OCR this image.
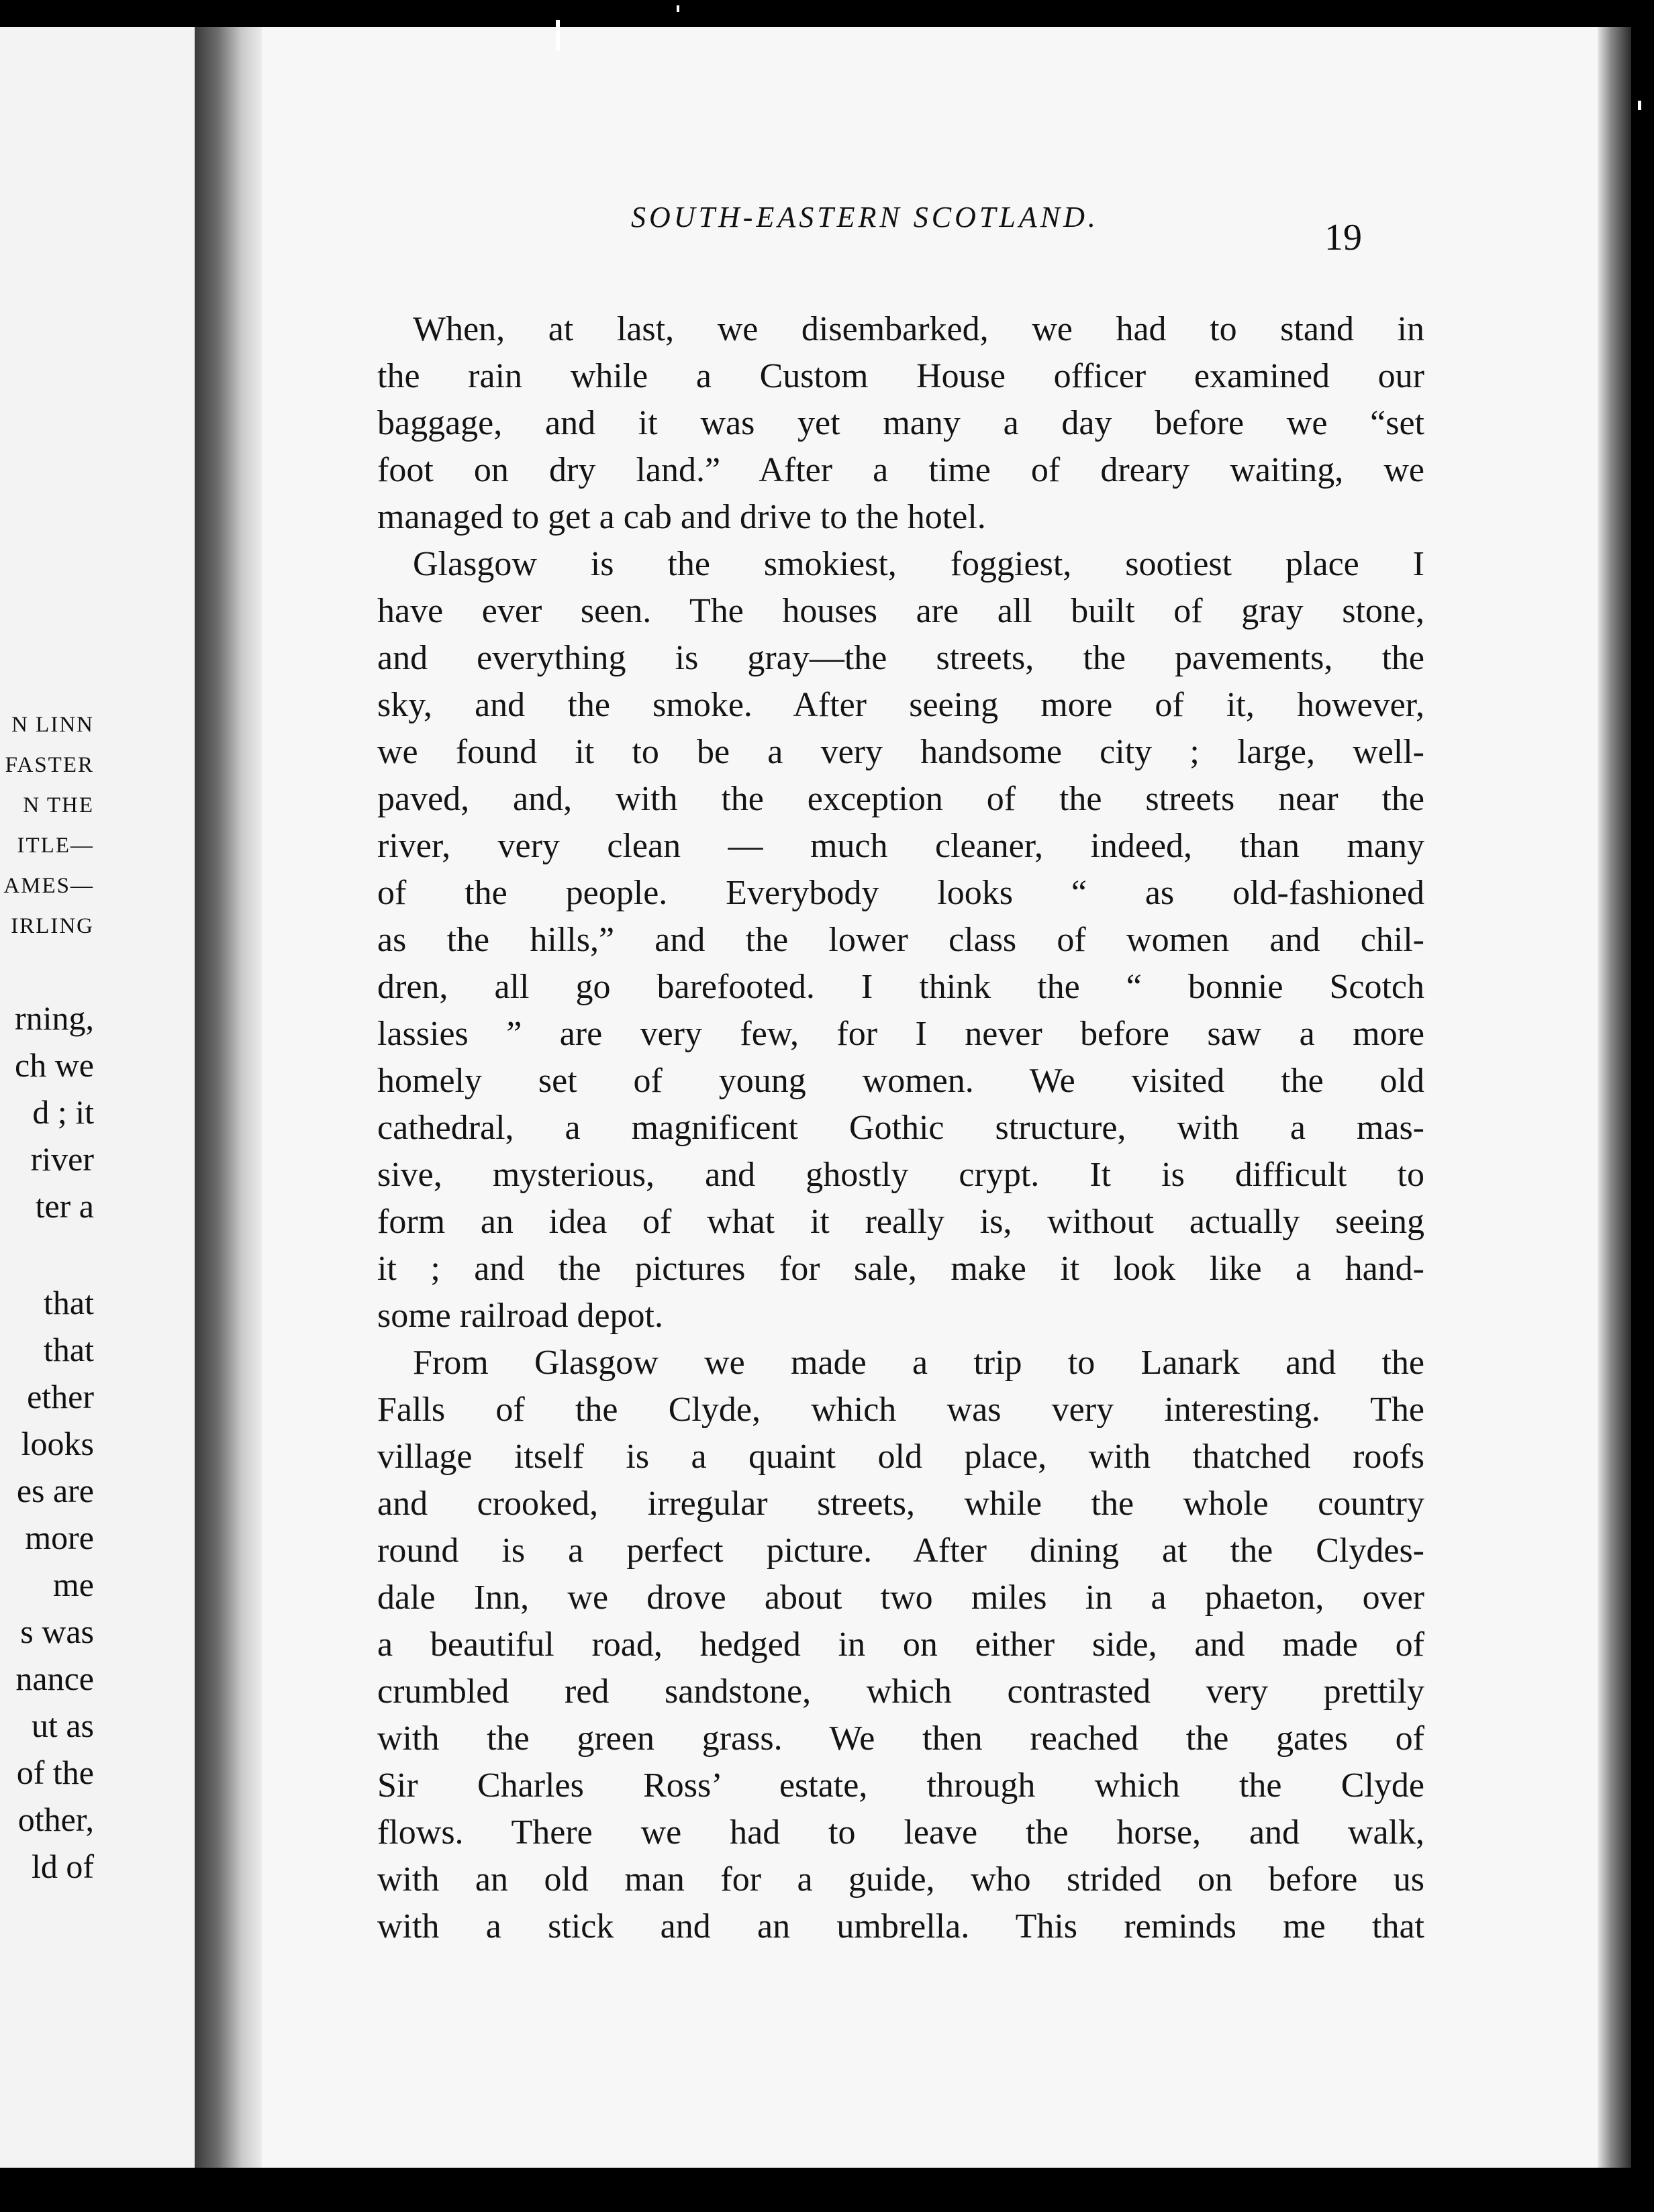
N LINN
FASTER
N THE
ITLE—
AMES—
IRLING
rning,
ch we
d ; it
river
ter a
that
that
ether
looks
es are
more
me
s was
nance
ut as
of the
other,
ld of
SOUTH-EASTERN SCOTLAND.	19
When, at last, we disembarked, we had to stand in
the rain while a Custom House officer examined our
baggage, and it was yet many a day before we “set
foot on dry land.” After a time of dreary waiting, we
managed to get a cab and drive to the hotel.
Glasgow is the smokiest, foggiest, sootiest place I
have ever seen. The houses are all built of gray stone,
and everything is gray—the streets, the pavements, the
sky, and the smoke. After seeing more of it, however,
we found it to be a very handsome city ; large, well-
paved, and, with the exception of the streets near the
river, very clean — much cleaner, indeed, than many
of the people. Everybody looks “ as old-fashioned
as the hills,” and the lower class of women and chil-
dren, all go barefooted. I think the “ bonnie Scotch
lassies ” are very few, for I never before saw a more
homely set of young women. We visited the old
cathedral, a magnificent Gothic structure, with a mas-
sive, mysterious, and ghostly crypt. It is difficult to
form an idea of what it really is, without actually seeing
it ; and the pictures for sale, make it look like a hand-
some railroad depot.
From Glasgow we made a trip to Lanark and the
Falls of the Clyde, which was very interesting. The
village itself is a quaint old place, with thatched roofs
and crooked, irregular streets, while the whole country
round is a perfect picture. After dining at the Clydes-
dale Inn, we drove about two miles in a phaeton, over
a beautiful road, hedged in on either side, and made of
crumbled red sandstone, which contrasted very prettily
with the green grass. We then reached the gates of
Sir Charles Ross’ estate, through which the Clyde
flows. There we had to leave the horse, and walk,
with an old man for a guide, who strided on before us
with a stick and an umbrella. This reminds me that
